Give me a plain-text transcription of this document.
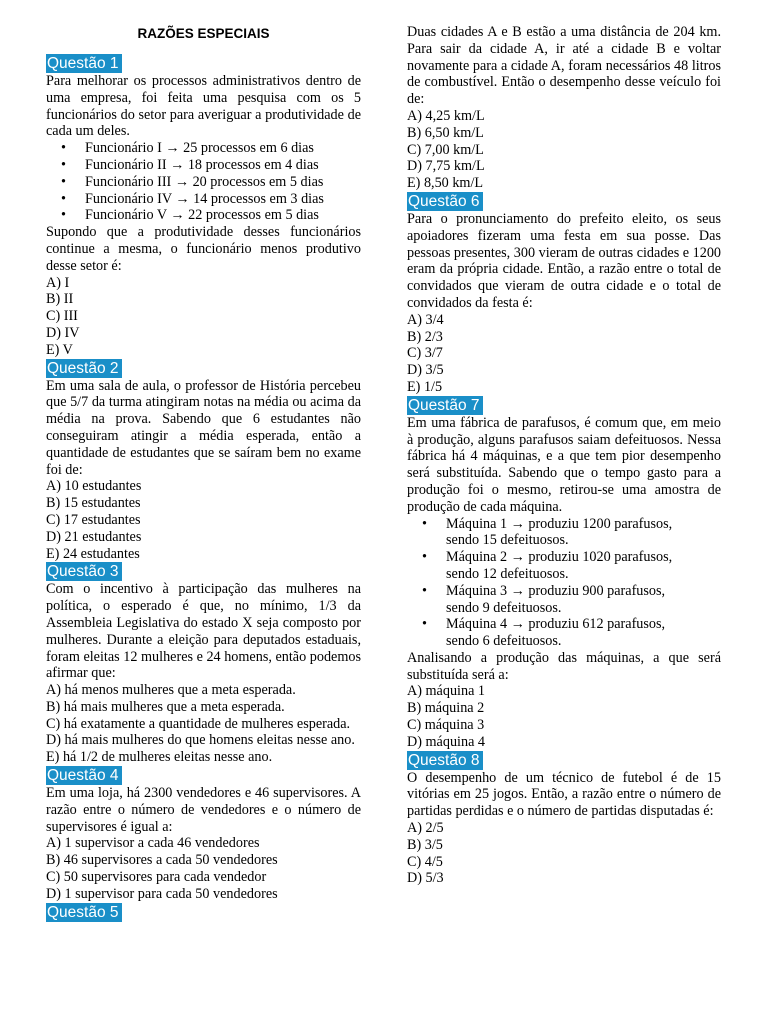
RAZÕES ESPECIAIS
Questão 1

Para melhorar os processos administrativos dentro de uma empresa, foi feita uma pesquisa com os 5 funcionários do setor para averiguar a produtividade de cada um deles.

• Funcionário I → 25 processos em 6 dias
• Funcionário II → 18 processos em 4 dias
• Funcionário III → 20 processos em 5 dias
• Funcionário IV → 14 processos em 3 dias
• Funcionário V → 22 processos em 5 dias

Supondo que a produtividade desses funcionários continue a mesma, o funcionário menos produtivo desse setor é:

A) I
B) II
C) III
D) IV
E) V
Questão 2

Em uma sala de aula, o professor de História percebeu que 5/7 da turma atingiram notas na média ou acima da média na prova. Sabendo que 6 estudantes não conseguiram atingir a média esperada, então a quantidade de estudantes que se saíram bem no exame foi de:

A) 10 estudantes
B) 15 estudantes
C) 17 estudantes
D) 21 estudantes
E) 24 estudantes
Questão 3

Com o incentivo à participação das mulheres na política, o esperado é que, no mínimo, 1/3 da Assembleia Legislativa do estado X seja composto por mulheres. Durante a eleição para deputados estaduais, foram eleitas 12 mulheres e 24 homens, então podemos afirmar que:

A) há menos mulheres que a meta esperada.
B) há mais mulheres que a meta esperada.
C) há exatamente a quantidade de mulheres esperada.
D) há mais mulheres do que homens eleitas nesse ano.
E) há 1/2 de mulheres eleitas nesse ano.
Questão 4

Em uma loja, há 2300 vendedores e 46 supervisores. A razão entre o número de vendedores e o número de supervisores é igual a:

A) 1 supervisor a cada 46 vendedores
B) 46 supervisores a cada 50 vendedores
C) 50 supervisores para cada vendedor
D) 1 supervisor para cada 50 vendedores
Questão 5

Duas cidades A e B estão a uma distância de 204 km. Para sair da cidade A, ir até a cidade B e voltar novamente para a cidade A, foram necessários 48 litros de combustível. Então o desempenho desse veículo foi de:

A) 4,25 km/L
B) 6,50 km/L
C) 7,00 km/L
D) 7,75 km/L
E) 8,50 km/L
Questão 6

Para o pronunciamento do prefeito eleito, os seus apoiadores fizeram uma festa em sua posse. Das pessoas presentes, 300 vieram de outras cidades e 1200 eram da própria cidade. Então, a razão entre o total de convidados que vieram de outra cidade e o total de convidados da festa é:

A) 3/4
B) 2/3
C) 3/7
D) 3/5
E) 1/5
Questão 7

Em uma fábrica de parafusos, é comum que, em meio à produção, alguns parafusos saiam defeituosos. Nessa fábrica há 4 máquinas, e a que tem pior desempenho será substituída. Sabendo que o tempo gasto para a produção foi o mesmo, retirou-se uma amostra de produção de cada máquina.

• Máquina 1 → produziu 1200 parafusos,
sendo 15 defeituosos.
• Máquina 2 → produziu 1020 parafusos,
sendo 12 defeituosos.
• Máquina 3 → produziu 900 parafusos,
sendo 9 defeituosos.
• Máquina 4 → produziu 612 parafusos,
sendo 6 defeituosos.

Analisando a produção das máquinas, a que será substituída será a:

A) máquina 1
B) máquina 2
C) máquina 3
D) máquina 4
Questão 8

O desempenho de um técnico de futebol é de 15 vitórias em 25 jogos. Então, a razão entre o número de partidas perdidas e o número de partidas disputadas é:

A) 2/5
B) 3/5
C) 4/5
D) 5/3
